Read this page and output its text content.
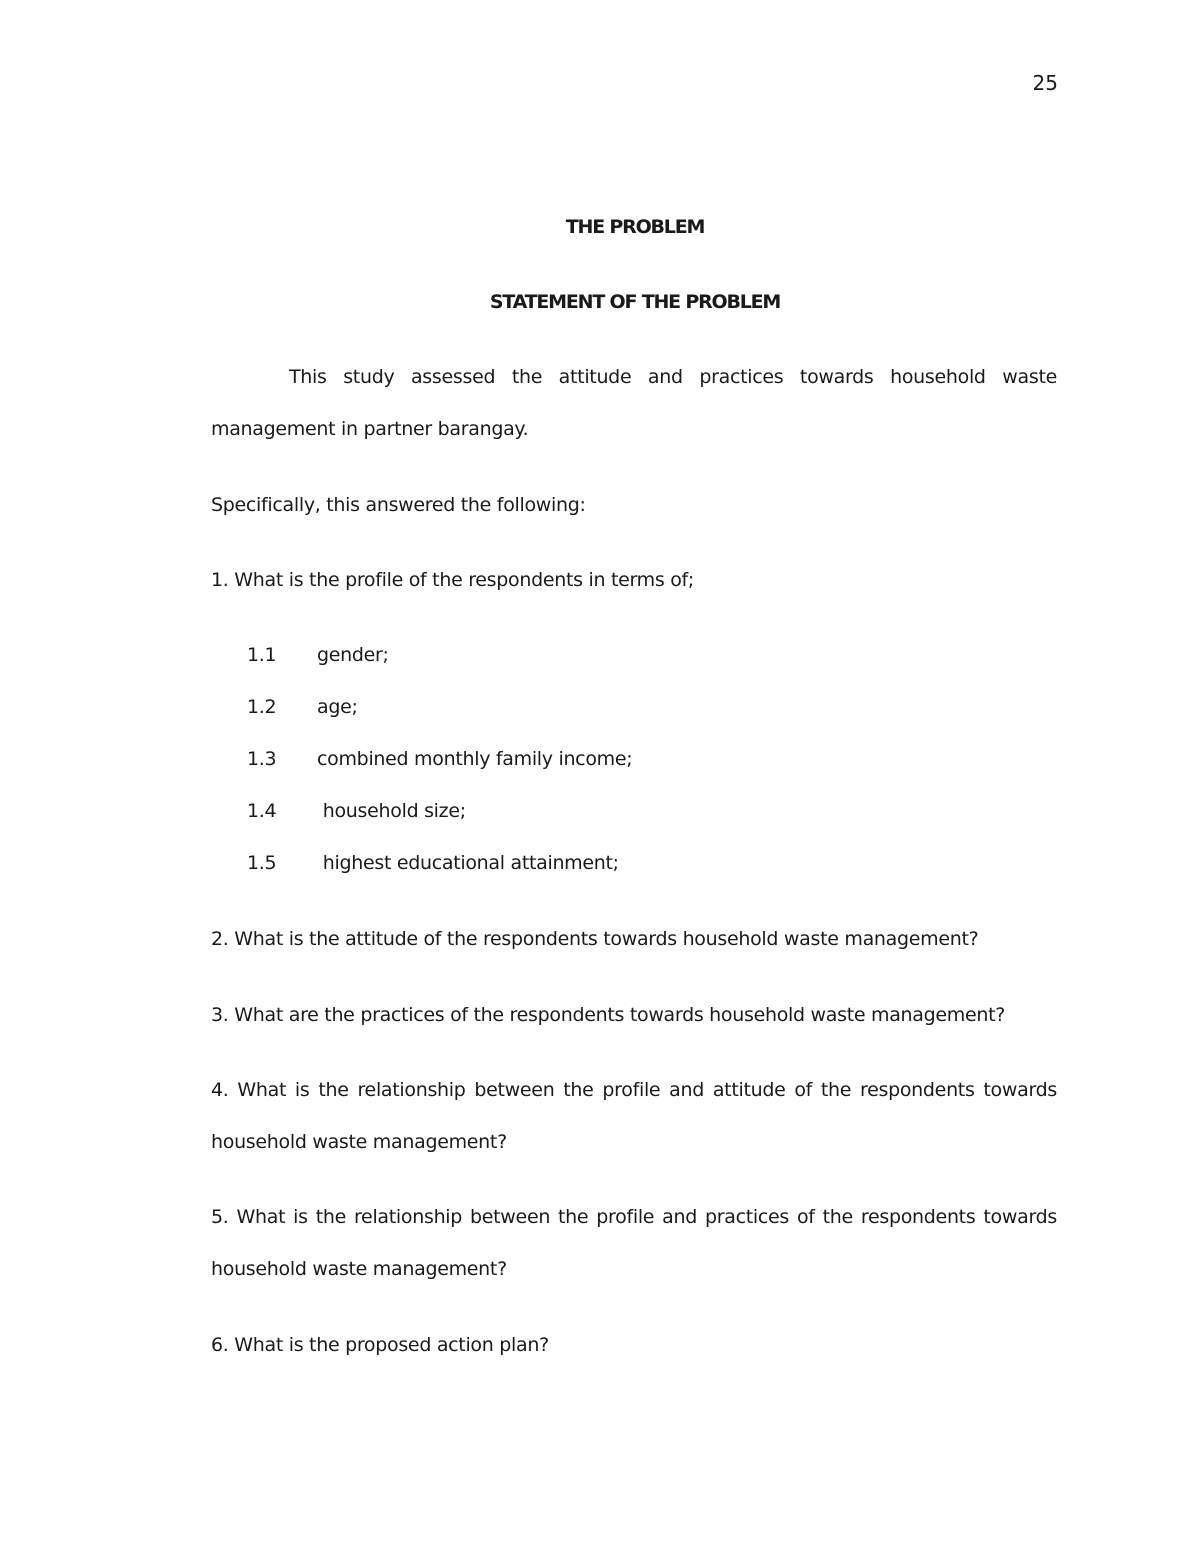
25
THE PROBLEM
STATEMENT OF THE PROBLEM
This study assessed the attitude and practices towards household waste management in partner barangay.
Specifically, this answered the following:
1. What is the profile of the respondents in terms of;
1.1 gender;
1.2 age;
1.3 combined monthly family income;
1.4 household size;
1.5 highest educational attainment;
2. What is the attitude of the respondents towards household waste management?
3. What are the practices of the respondents towards household waste management?
4. What is the relationship between the profile and attitude of the respondents towards household waste management?
5. What is the relationship between the profile and practices of the respondents towards household waste management?
6. What is the proposed action plan?
